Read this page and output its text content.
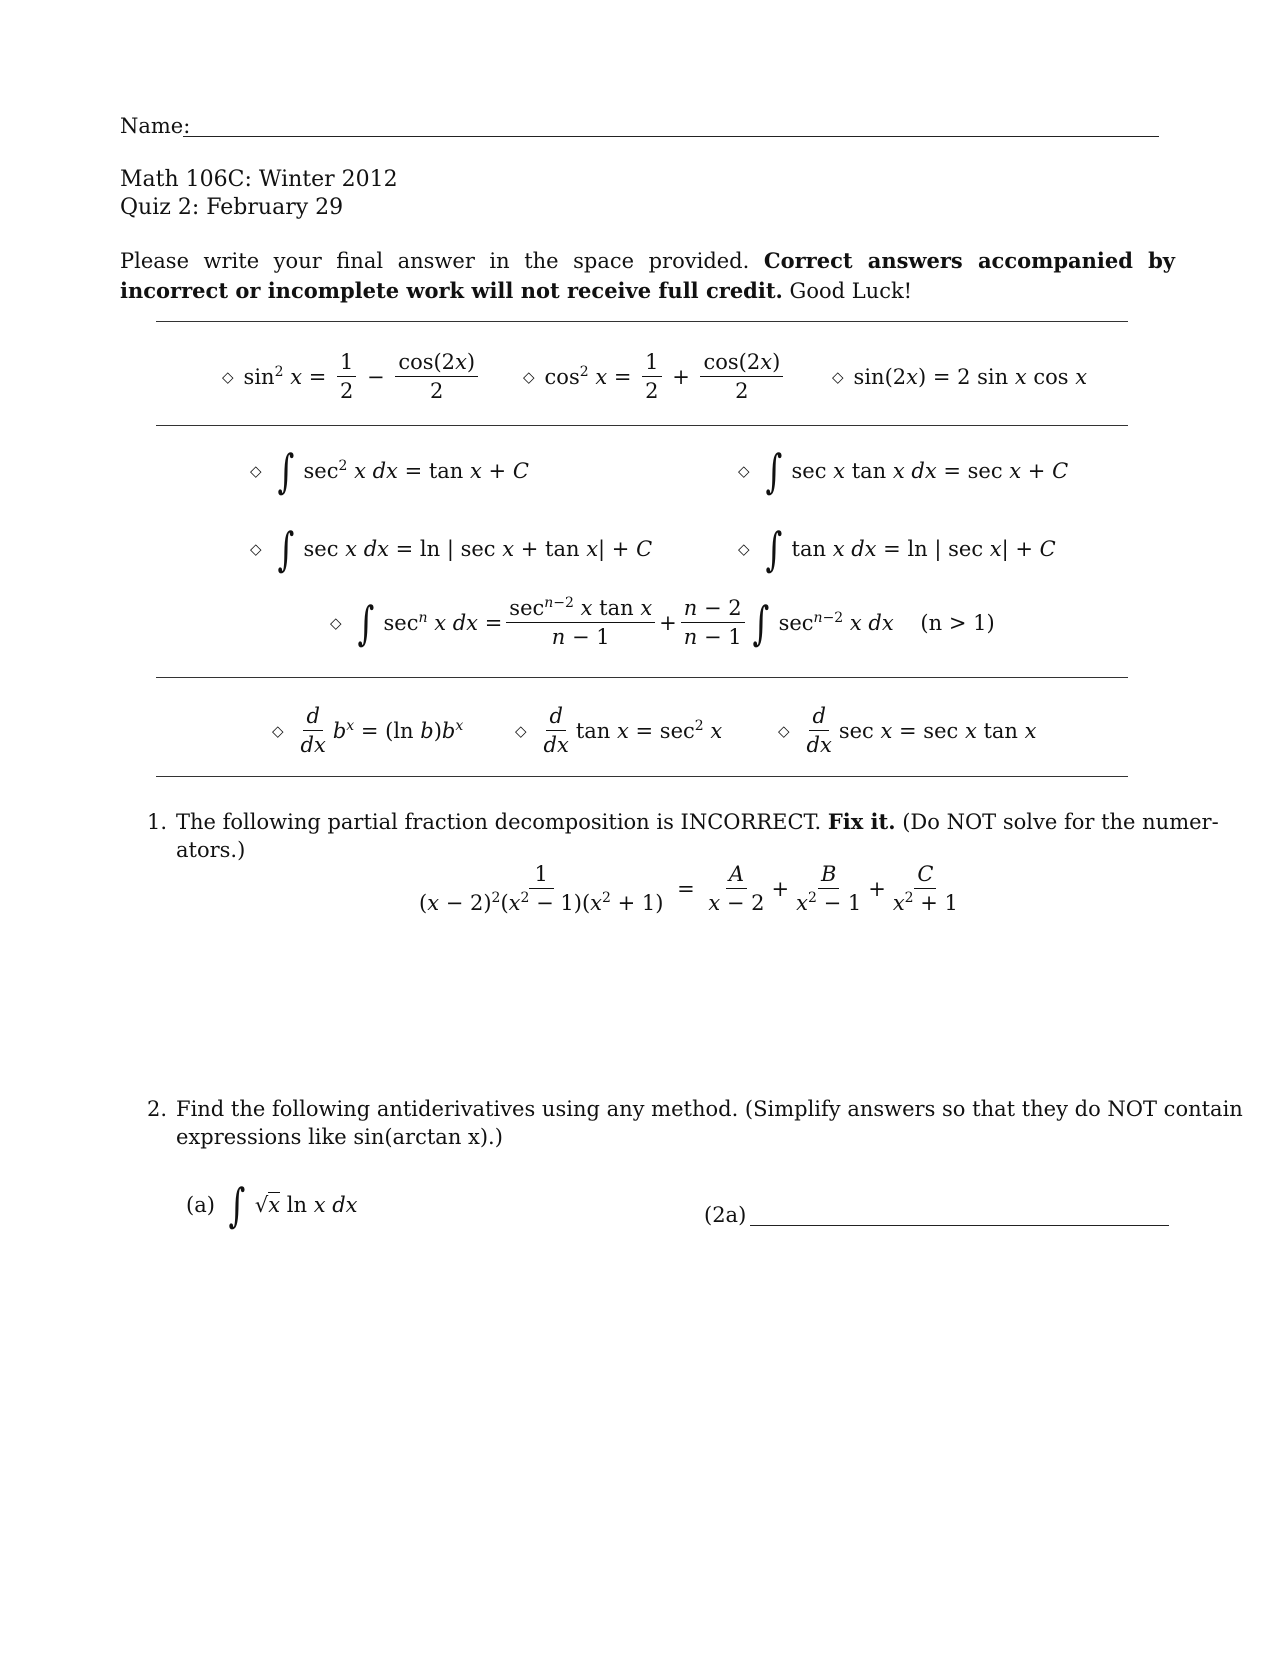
Name:
Math 106C: Winter 2012
Quiz 2: February 29
Please write your final answer in the space provided. Correct answers accompanied by incorrect or incomplete work will not receive full credit. Good Luck!
◇ $\sin^2 x = \frac{1}{2} - \frac{\cos(2x)}{2}$	◇ $\cos^2 x = \frac{1}{2} + \frac{\cos(2x)}{2}$	◇ sin(2x) = 2 sin x cos x
◇ ∫ $\sec^2 x$ dx = tan x + C	◇ ∫ sec x tan x dx = sec x + C
◇ ∫ sec x dx = ln | sec x + tan x| + C	◇ ∫ tan x dx = ln | sec x| + C
◇ ∫ $\sec^n x$ dx = $\frac{\sec^{n-2} x \tan x}{n - 1} + \frac{n - 2}{n - 1}$ ∫ $\sec^{n-2} x$ dx	(n > 1)
◇ $\frac{d}{dx} b^x = (\ln$ $b)b^x$	◇ $\frac{d}{dx}$ $\tan x = \sec^2 x$	◇ $\frac{d}{dx}$ sec x = sec x tan x
1. The following partial fraction decomposition is INCORRECT. Fix it. (Do NOT solve for the numer-
ators.)
$\frac{1}{(x - 2)^2(x^2 - 1)(x^2 + 1)} = \frac{A}{x - 2} + \frac{B}{x^2 - 1} + \frac{C}{x^2 + 1}$
2. Find the following antiderivatives using any method. (Simplify answers so that they do NOT contain
expressions like sin(arctan x).)
(a) ∫ √x ln x dx	(2a)
